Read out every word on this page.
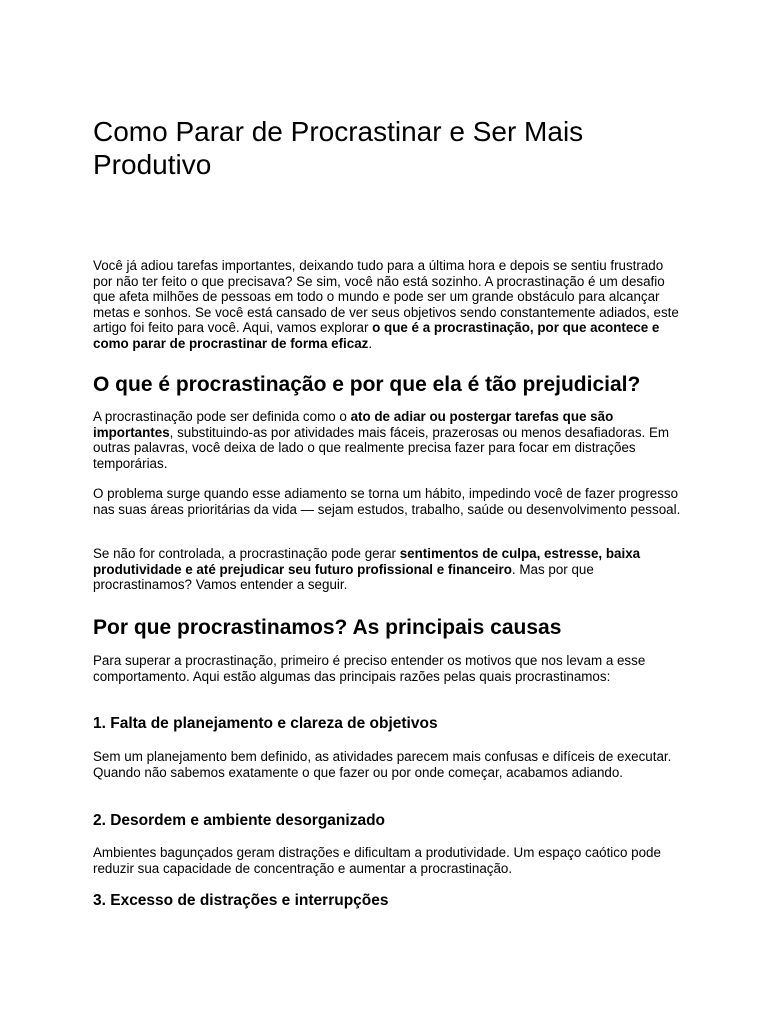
Como Parar de Procrastinar e Ser Mais Produtivo

Você já adiou tarefas importantes, deixando tudo para a última hora e depois se sentiu frustrado por não ter feito o que precisava? Se sim, você não está sozinho. A procrastinação é um desafio que afeta milhões de pessoas em todo o mundo e pode ser um grande obstáculo para alcançar metas e sonhos. Se você está cansado de ver seus objetivos sendo constantemente adiados, este artigo foi feito para você. Aqui, vamos explorar o que é a procrastinação, por que acontece e como parar de procrastinar de forma eficaz.

O que é procrastinação e por que ela é tão prejudicial?

A procrastinação pode ser definida como o ato de adiar ou postergar tarefas que são importantes, substituindo-as por atividades mais fáceis, prazerosas ou menos desafiadoras. Em outras palavras, você deixa de lado o que realmente precisa fazer para focar em distrações temporárias.

O problema surge quando esse adiamento se torna um hábito, impedindo você de fazer progresso nas suas áreas prioritárias da vida — sejam estudos, trabalho, saúde ou desenvolvimento pessoal.

Se não for controlada, a procrastinação pode gerar sentimentos de culpa, estresse, baixa produtividade e até prejudicar seu futuro profissional e financeiro. Mas por que procrastinamos? Vamos entender a seguir.

Por que procrastinamos? As principais causas

Para superar a procrastinação, primeiro é preciso entender os motivos que nos levam a esse comportamento. Aqui estão algumas das principais razões pelas quais procrastinamos:

1. Falta de planejamento e clareza de objetivos

Sem um planejamento bem definido, as atividades parecem mais confusas e difíceis de executar. Quando não sabemos exatamente o que fazer ou por onde começar, acabamos adiando.

2. Desordem e ambiente desorganizado

Ambientes bagunçados geram distrações e dificultam a produtividade. Um espaço caótico pode reduzir sua capacidade de concentração e aumentar a procrastinação.

3. Excesso de distrações e interrupções
